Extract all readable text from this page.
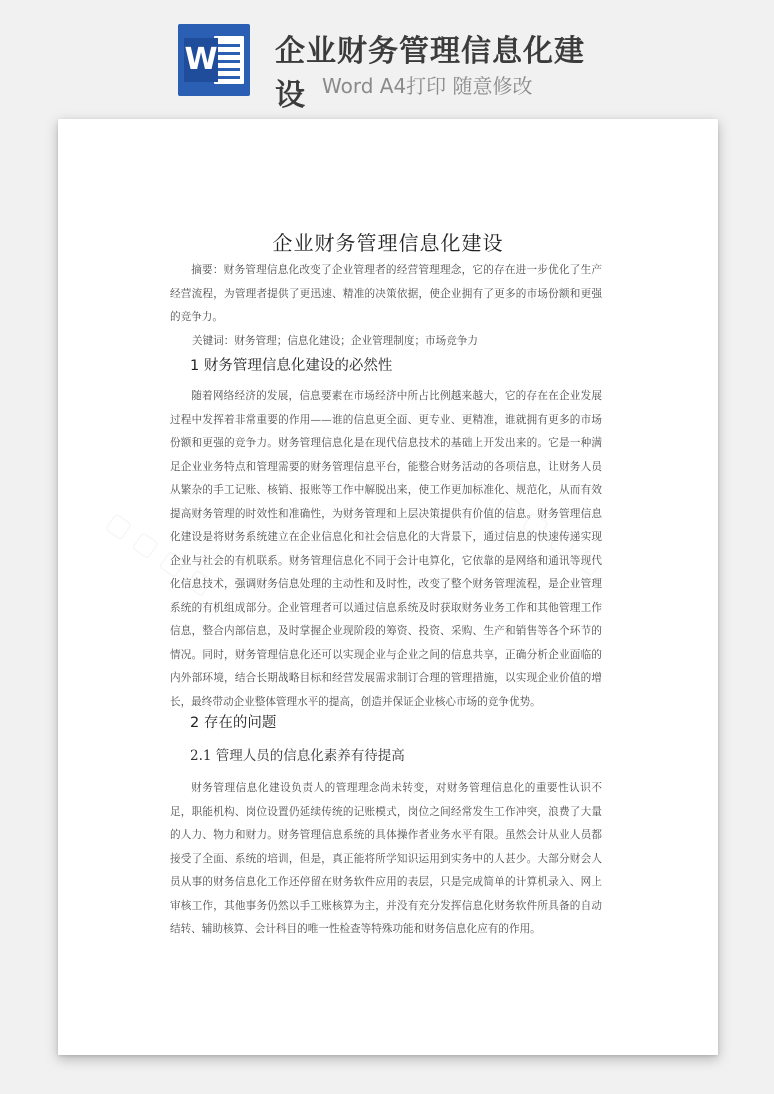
W 企业财务管理信息化建设 Word A4打印 随意修改
企业财务管理信息化建设
摘要：财务管理信息化改变了企业管理者的经营管理理念，它的存在进一步优化了生产经营流程，为管理者提供了更迅速、精准的决策依据，使企业拥有了更多的市场份额和更强的竞争力。
关键词：财务管理；信息化建设；企业管理制度；市场竞争力
1 财务管理信息化建设的必然性
随着网络经济的发展，信息要素在市场经济中所占比例越来越大，它的存在在企业发展过程中发挥着非常重要的作用——谁的信息更全面、更专业、更精准，谁就拥有更多的市场份额和更强的竞争力。财务管理信息化是在现代信息技术的基础上开发出来的。它是一种满足企业业务特点和管理需要的财务管理信息平台，能整合财务活动的各项信息，让财务人员从繁杂的手工记账、核销、报账等工作中解脱出来，使工作更加标准化、规范化，从而有效提高财务管理的时效性和准确性，为财务管理和上层决策提供有价值的信息。财务管理信息化建设是将财务系统建立在企业信息化和社会信息化的大背景下，通过信息的快速传递实现企业与社会的有机联系。财务管理信息化不同于会计电算化，它依靠的是网络和通讯等现代化信息技术，强调财务信息处理的主动性和及时性，改变了整个财务管理流程，是企业管理系统的有机组成部分。企业管理者可以通过信息系统及时获取财务业务工作和其他管理工作信息，整合内部信息，及时掌握企业现阶段的筹资、投资、采购、生产和销售等各个环节的情况。同时，财务管理信息化还可以实现企业与企业之间的信息共享，正确分析企业面临的内外部环境，结合长期战略目标和经营发展需求制订合理的管理措施，以实现企业价值的增长，最终带动企业整体管理水平的提高，创造并保证企业核心市场的竞争优势。
2 存在的问题
2.1 管理人员的信息化素养有待提高
财务管理信息化建设负责人的管理理念尚未转变，对财务管理信息化的重要性认识不足，职能机构、岗位设置仍延续传统的记账模式，岗位之间经常发生工作冲突，浪费了大量的人力、物力和财力。财务管理信息系统的具体操作者业务水平有限。虽然会计从业人员都接受了全面、系统的培训，但是，真正能将所学知识运用到实务中的人甚少。大部分财会人员从事的财务信息化工作还停留在财务软件应用的表层，只是完成简单的计算机录入、网上审核工作，其他事务仍然以手工账核算为主，并没有充分发挥信息化财务软件所具备的自动结转、辅助核算、会计科目的唯一性检查等特殊功能和财务信息化应有的作用。
